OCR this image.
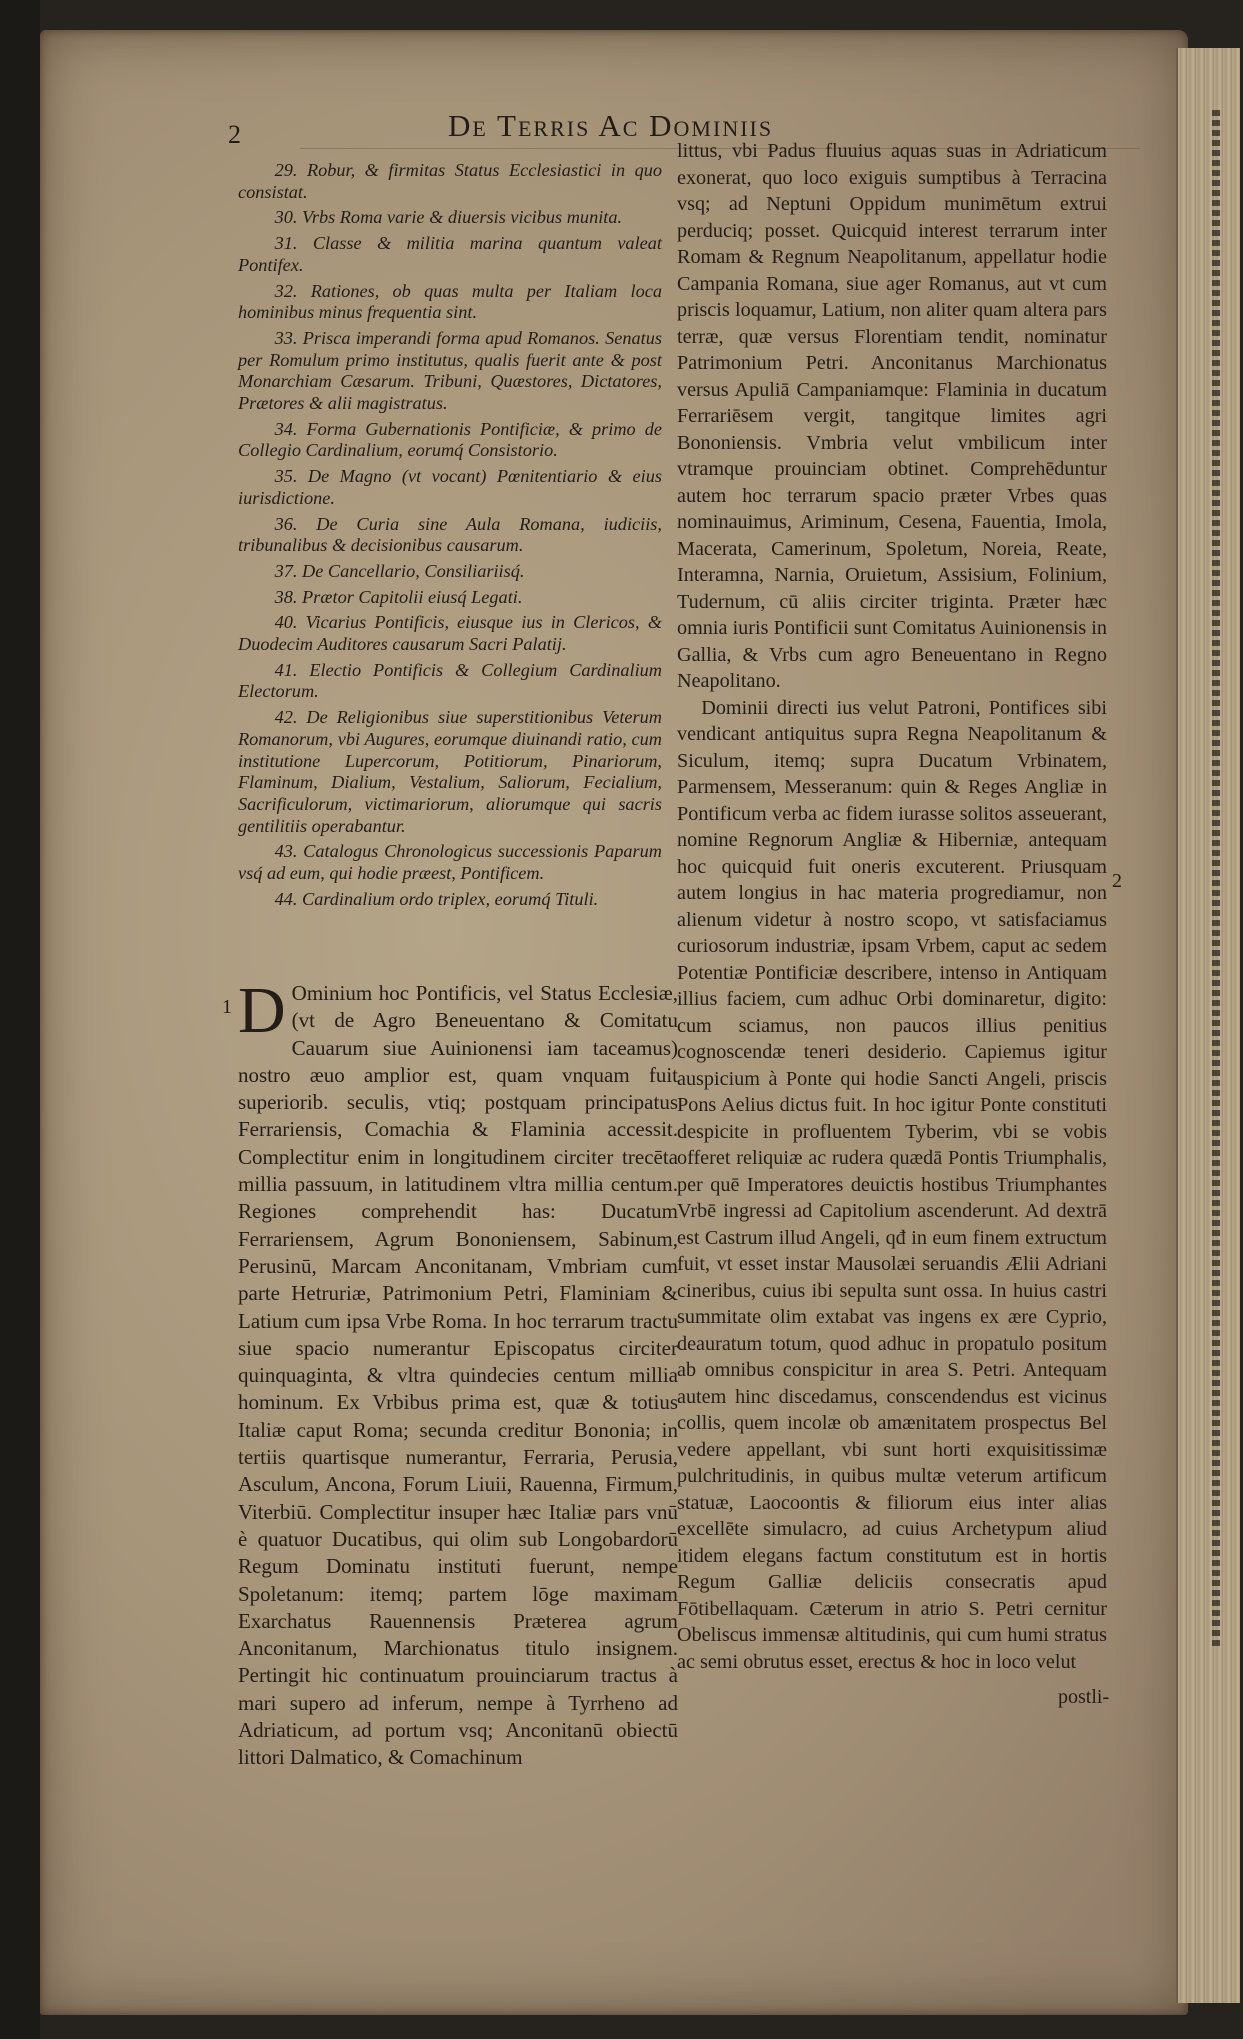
2	De Terris Ac Dominiis

29. Robur, & firmitas Status Ecclesiastici in quo consistat.

30. Vrbs Roma varie & diuersis vicibus munita.

31. Classe & militia marina quantum valeat Pontifex.

32. Rationes, ob quas multa per Italiam loca hominibus minus frequentia sint.

33. Prisca imperandi forma apud Romanos. Senatus per Romulum primo institutus, qualis fuerit ante & post Monarchiam Cæsarum. Tribuni, Quæstores, Dictatores, Prætores & alii magistratus.

34. Forma Gubernationis Pontificiæ, & primo de Collegio Cardinalium, eorumq́ Consistorio.

35. De Magno (vt vocant) Pœnitentiario & eius iurisdictione.

36. De Curia sine Aula Romana, iudiciis, tribunalibus & decisionibus causarum.

37. De Cancellario, Consiliariisq́.

38. Prætor Capitolii eiusq́ Legati.

40. Vicarius Pontificis, eiusque ius in Clericos, & Duodecim Auditores causarum Sacri Palatij.

41. Electio Pontificis & Collegium Cardinalium Electorum.

42. De Religionibus siue superstitionibus Veterum Romanorum, vbi Augures, eorumque diuinandi ratio, cum institutione Lupercorum, Potitiorum, Pinariorum, Flaminum, Dialium, Vestalium, Saliorum, Fecialium, Sacrificulorum, victimariorum, aliorumque qui sacris gentilitiis operabantur.

43. Catalogus Chronologicus successionis Paparum vsq́ ad eum, qui hodie præest, Pontificem.

44. Cardinalium ordo triplex, eorumq́ Tituli.

1 D Ominium hoc Pontificis, vel Status Ecclesiæ, (vt de Agro Beneuentano & Comitatu Cauarum siue Auinionensi iam taceamus) nostro æuo amplior est, quam vnquam fuit superiorib. seculis, vtiq; postquam principatus Ferrariensis, Comachia & Flaminia accessit. Complectitur enim in longitudinem circiter trecēta millia passuum, in latitudinem vltra millia centum. Regiones comprehendit has: Ducatum Ferrariensem, Agrum Bononiensem, Sabinum, Perusinū, Marcam Anconitanam, Vmbriam cum parte Hetruriæ, Patrimonium Petri, Flaminiam & Latium cum ipsa Vrbe Roma. In hoc terrarum tractu siue spacio numerantur Episcopatus circiter quinquaginta, & vltra quindecies centum millia hominum. Ex Vrbibus prima est, quæ & totius Italiæ caput Roma; secunda creditur Bononia; in tertiis quartisque numerantur, Ferraria, Perusia, Asculum, Ancona, Forum Liuii, Rauenna, Firmum, Viterbiū. Complectitur insuper hæc Italiæ pars vnū è quatuor Ducatibus, qui olim sub Longobardorū Regum Dominatu instituti fuerunt, nempe Spoletanum: itemq; partem lōge maximam Exarchatus Rauennensis Præterea agrum Anconitanum, Marchionatus titulo insignem. Pertingit hic continuatum prouinciarum tractus à mari supero ad inferum, nempe à Tyrrheno ad Adriaticum, ad portum vsq; Anconitanū obiectū littori Dalmatico, & Comachinum

littus, vbi Padus fluuius aquas suas in Adriaticum exonerat, quo loco exiguis sumptibus à Terracina vsq; ad Neptuni Oppidum munimētum extrui perduciq; posset. Quicquid interest terrarum inter Romam & Regnum Neapolitanum, appellatur hodie Campania Romana, siue ager Romanus, aut vt cum priscis loquamur, Latium, non aliter quam altera pars terræ, quæ versus Florentiam tendit, nominatur Patrimonium Petri. Anconitanus Marchionatus versus Apuliā Campaniamque: Flaminia in ducatum Ferrariēsem vergit, tangitque limites agri Bononiensis. Vmbria velut vmbilicum inter vtramque prouinciam obtinet. Comprehēduntur autem hoc terrarum spacio præter Vrbes quas nominauimus, Ariminum, Cesena, Fauentia, Imola, Macerata, Camerinum, Spoletum, Noreia, Reate, Interamna, Narnia, Oruietum, Assisium, Folinium, Tudernum, cū aliis circiter triginta. Præter hæc omnia iuris Pontificii sunt Comitatus Auinionensis in Gallia, & Vrbs cum agro Beneuentano in Regno Neapolitano.

Dominii directi ius velut Patroni, Pontifices sibi vendicant antiquitus supra Regna Neapolitanum & Siculum, itemq; supra Ducatum Vrbinatem, Parmensem, Messeranum: quin & Reges Angliæ in Pontificum verba ac fidem iurasse solitos asseuerant, nomine Regnorum Angliæ & Hiberniæ, antequam hoc quicquid fuit oneris excuterent. Priusquam autem longius in hac materia progrediamur, non alienum videtur à nostro scopo, vt satisfaciamus curiosorum industriæ, ipsam Vrbem, caput ac sedem Potentiæ Pontificiæ describere, intenso in Antiquam illius faciem, cum adhuc Orbi dominaretur, digito: cum sciamus, non paucos illius penitius cognoscendæ teneri desiderio. Capiemus igitur auspicium à Ponte qui hodie Sancti Angeli, priscis Pons Aelius dictus fuit. In hoc igitur Ponte constituti despicite in profluentem Tyberim, vbi se vobis offeret reliquiæ ac rudera quædā Pontis Triumphalis, per quē Imperatores deuictis hostibus Triumphantes Vrbē ingressi ad Capitolium ascenderunt. Ad dextrā est Castrum illud Angeli, qđ in eum finem extructum fuit, vt esset instar Mausolæi seruandis Ælii Adriani cineribus, cuius ibi sepulta sunt ossa. In huius castri summitate olim extabat vas ingens ex ære Cyprio, deauratum totum, quod adhuc in propatulo positum ab omnibus conspicitur in area S. Petri. Antequam autem hinc discedamus, conscendendus est vicinus collis, quem incolæ ob amænitatem prospectus Bel vedere appellant, vbi sunt horti exquisitissimæ pulchritudinis, in quibus multæ veterum artificum statuæ, Laocoontis & filiorum eius inter alias excellēte simulacro, ad cuius Archetypum aliud itidem elegans factum constitutum est in hortis Regum Galliæ deliciis consecratis apud Fōtibellaquam. Cæterum in atrio S. Petri cernitur Obeliscus immensæ altitudinis, qui cum humi stratus ac semi obrutus esset, erectus & hoc in loco velut

2
postli-
